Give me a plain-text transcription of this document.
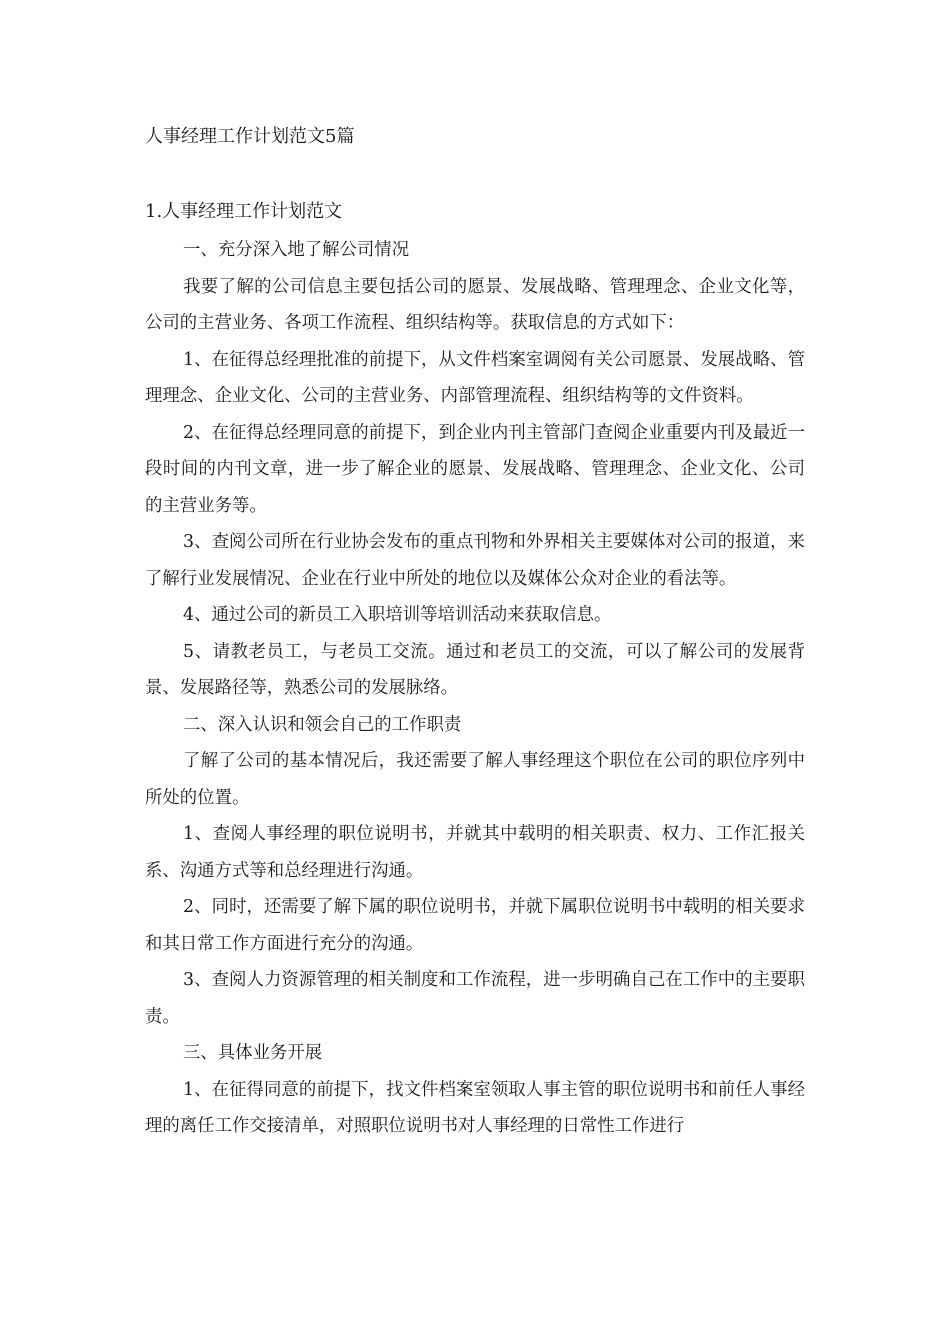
人事经理工作计划范文5篇
1.人事经理工作计划范文

一、充分深入地了解公司情况

我要了解的公司信息主要包括公司的愿景、发展战略、管理理念、企业文化等，公司的主营业务、各项工作流程、组织结构等。获取信息的方式如下：

1、在征得总经理批准的前提下，从文件档案室调阅有关公司愿景、发展战略、管理理念、企业文化、公司的主营业务、内部管理流程、组织结构等的文件资料。

2、在征得总经理同意的前提下，到企业内刊主管部门查阅企业重要内刊及最近一段时间的内刊文章，进一步了解企业的愿景、发展战略、管理理念、企业文化、公司的主营业务等。

3、查阅公司所在行业协会发布的重点刊物和外界相关主要媒体对公司的报道，来了解行业发展情况、企业在行业中所处的地位以及媒体公众对企业的看法等。

4、通过公司的新员工入职培训等培训活动来获取信息。

5、请教老员工，与老员工交流。通过和老员工的交流，可以了解公司的发展背景、发展路径等，熟悉公司的发展脉络。

二、深入认识和领会自己的工作职责

了解了公司的基本情况后，我还需要了解人事经理这个职位在公司的职位序列中所处的位置。

1、查阅人事经理的职位说明书，并就其中载明的相关职责、权力、工作汇报关系、沟通方式等和总经理进行沟通。

2、同时，还需要了解下属的职位说明书，并就下属职位说明书中载明的相关要求和其日常工作方面进行充分的沟通。

3、查阅人力资源管理的相关制度和工作流程，进一步明确自己在工作中的主要职责。

三、具体业务开展

1、在征得同意的前提下，找文件档案室领取人事主管的职位说明书和前任人事经理的离任工作交接清单，对照职位说明书对人事经理的日常性工作进行
